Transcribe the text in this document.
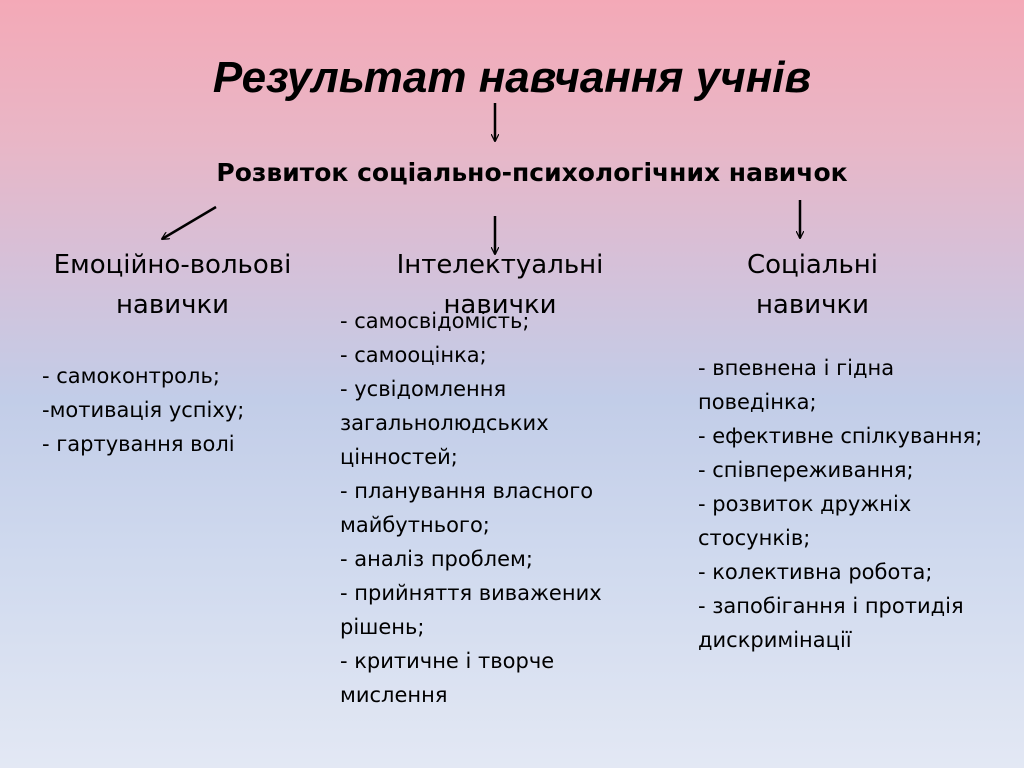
Результат навчання учнів
Розвиток соціально-психологічних навичок
Емоційно-вольові
навички
Інтелектуальні
навички
Соціальні
навички
- самоконтроль;
-мотивація успіху;
- гартування волі
- самосвідомість;
- самооцінка;
- усвідомлення
загальнолюдських
цінностей;
- планування власного
майбутнього;
- аналіз проблем;
- прийняття виважених
рішень;
- критичне і творче
мислення
- впевнена і гідна
поведінка;
- ефективне спілкування;
- співпереживання;
- розвиток дружніх
стосунків;
- колективна робота;
- запобігання і протидія
дискримінації
